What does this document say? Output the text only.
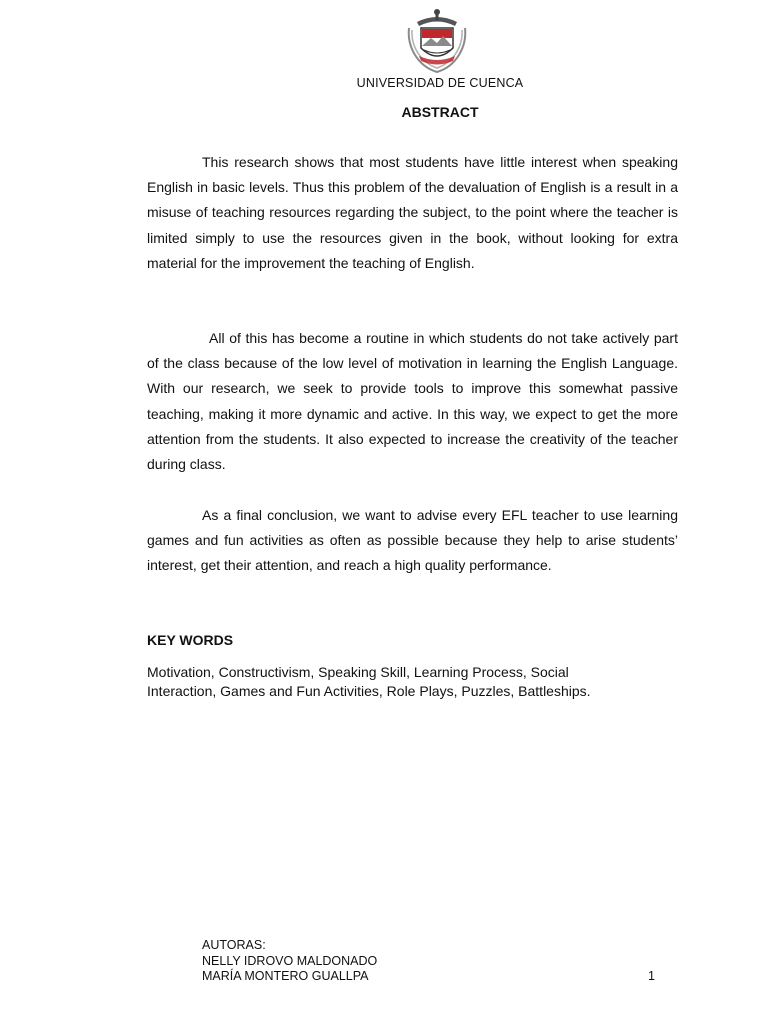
UNIVERSIDAD DE CUENCA
ABSTRACT

This research shows that most students have little interest when speaking English in basic levels. Thus this problem of the devaluation of English is a result in a misuse of teaching resources regarding the subject, to the point where the teacher is limited simply to use the resources given in the book, without looking for extra material for the improvement the teaching of English.

All of this has become a routine in which students do not take actively part of the class because of the low level of motivation in learning the English Language. With our research, we seek to provide tools to improve this somewhat passive teaching, making it more dynamic and active. In this way, we expect to get the more attention from the students. It also expected to increase the creativity of the teacher during class.

As a final conclusion, we want to advise every EFL teacher to use learning games and fun activities as often as possible because they help to arise students’ interest, get their attention, and reach a high quality performance.

KEY WORDS

Motivation, Constructivism, Speaking Skill, Learning Process, Social Interaction, Games and Fun Activities, Role Plays, Puzzles, Battleships.

AUTORAS:
NELLY IDROVO MALDONADO
MARÍA MONTERO GUALLPA	1
